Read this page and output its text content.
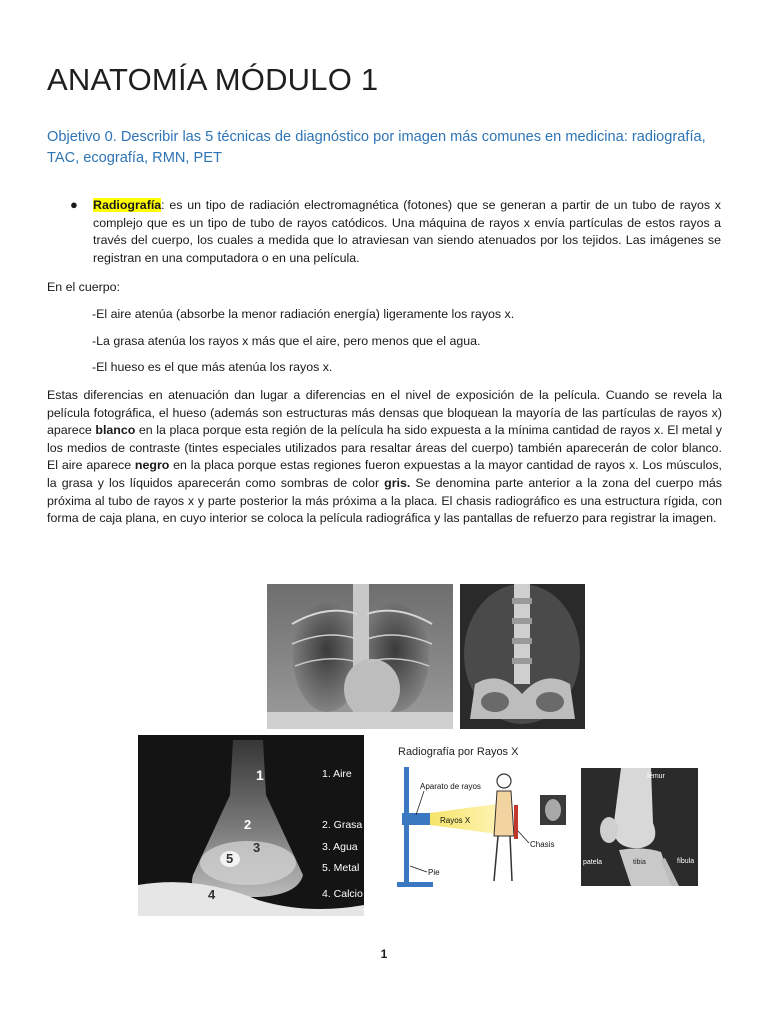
ANATOMÍA MÓDULO 1

Objetivo 0. Describir las 5 técnicas de diagnóstico por imagen más comunes en medicina: radiografía, TAC, ecografía, RMN, PET

● Radiografía: es un tipo de radiación electromagnética (fotones) que se generan a partir de un tubo de rayos x complejo que es un tipo de tubo de rayos catódicos. Una máquina de rayos x envía partículas de estos rayos a través del cuerpo, los cuales a medida que lo atraviesan van siendo atenuados por los tejidos. Las imágenes se registran en una computadora o en una película.

En el cuerpo:

-El aire atenúa (absorbe la menor radiación energía) ligeramente los rayos x.

-La grasa atenúa los rayos x más que el aire, pero menos que el agua.

-El hueso es el que más atenúa los rayos x.

Estas diferencias en atenuación dan lugar a diferencias en el nivel de exposición de la película. Cuando se revela la película fotográfica, el hueso (además son estructuras más densas que bloquean la mayoría de las partículas de rayos x) aparece blanco en la placa porque esta región de la película ha sido expuesta a la mínima cantidad de rayos x. El metal y los medios de contraste (tintes especiales utilizados para resaltar áreas del cuerpo) también aparecerán de color blanco. El aire aparece negro en la placa porque estas regiones fueron expuestas a la mayor cantidad de rayos x. Los músculos, la grasa y los líquidos aparecerán como sombras de color gris. Se denomina parte anterior a la zona del cuerpo más próxima al tubo de rayos x y parte posterior la más próxima a la placa. El chasis radiográfico es una estructura rígida, con forma de caja plana, en cuyo interior se coloca la película radiográfica y las pantallas de refuerzo para registrar la imagen.

1
2
3
5
4
1. Aire
2. Grasa
3. Agua
5. Metal
4. Calcio
Radiografía por Rayos X
Rayos X
Aparato de rayos
Chasis
Pie
fémur
patela	tibia	fíbula
1
